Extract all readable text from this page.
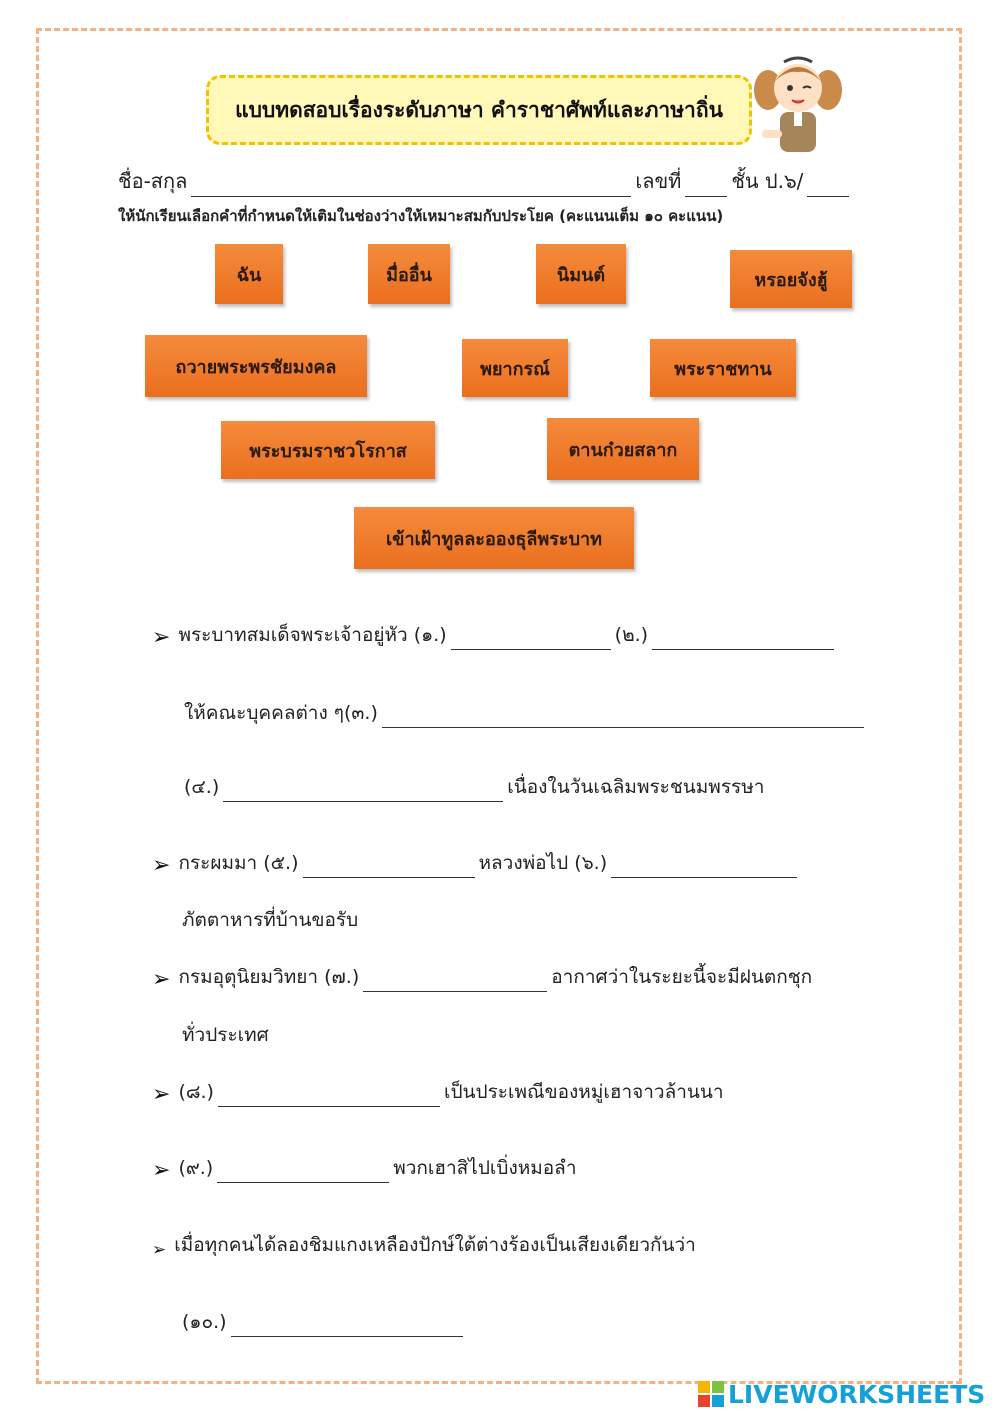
แบบทดสอบเรื่องระดับภาษา คำราชาศัพท์และภาษาถิ่น
ชื่อ-สกุล	เลขที่	ชั้น ป.๖/
ให้นักเรียนเลือกคำที่กำหนดให้เติมในช่องว่างให้เหมาะสมกับประโยค (คะแนนเต็ม ๑๐ คะแนน)
ฉัน	มื่ออื่น	นิมนต์	หรอยจังฮู้
ถวายพระพรชัยมงคล	พยากรณ์	พระราชทาน
พระบรมราชวโรกาส	ตานก๋วยสลาก
เข้าเฝ้าทูลละอองธุลีพระบาท
➢ พระบาทสมเด็จพระเจ้าอยู่หัว (๑.)	(๒.)
ให้คณะบุคคลต่าง ๆ(๓.)
(๔.)	เนื่องในวันเฉลิมพระชนมพรรษา
➢ กระผมมา (๕.)	หลวงพ่อไป (๖.)
ภัตตาหารที่บ้านขอรับ
➢ กรมอุตุนิยมวิทยา (๗.)	อากาศว่าในระยะนี้จะมีฝนตกชุก
ทั่วประเทศ
➢ (๘.)	เป็นประเพณีของหมู่เฮาจาวล้านนา
➢ (๙.)	พวกเฮาสิไปเบิ่งหมอลำ
➢ เมื่อทุกคนได้ลองชิมแกงเหลืองปักษ์ใต้ต่างร้องเป็นเสียงเดียวกันว่า
(๑๐.)
LIVEWORKSHEETS
